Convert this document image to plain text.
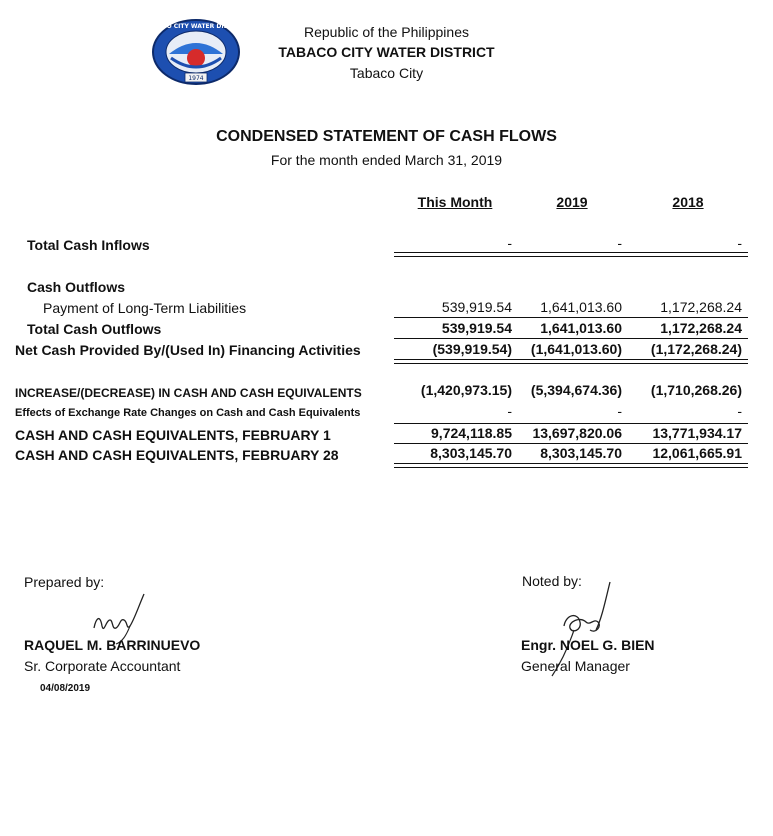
1974
TABACO CITY WATER DISTRICT	Republic of the Philippines
TABACO CITY WATER DISTRICT
Tabaco City
CONDENSED STATEMENT OF CASH FLOWS
For the month ended March 31, 2019
This Month	2019	2018
Total Cash Inflows	-	-	-
Cash Outflows
Payment of Long-Term Liabilities	539,919.54	1,641,013.60	1,172,268.24
Total Cash Outflows	539,919.54	1,641,013.60	1,172,268.24
Net Cash Provided By/(Used In) Financing Activities	(539,919.54)	(1,641,013.60)	(1,172,268.24)
INCREASE/(DECREASE) IN CASH AND CASH EQUIVALENTS	(1,420,973.15)	(5,394,674.36)	(1,710,268.26)
Effects of Exchange Rate Changes on Cash and Cash Equivalents	-	-	-
CASH AND CASH EQUIVALENTS, FEBRUARY 1	9,724,118.85	13,697,820.06	13,771,934.17
CASH AND CASH EQUIVALENTS, FEBRUARY 28	8,303,145.70	8,303,145.70	12,061,665.91
Prepared by:
RAQUEL M. BARRINUEVO
Sr. Corporate Accountant
04/08/2019
Noted by:
Engr. NOEL G. BIEN
General Manager
